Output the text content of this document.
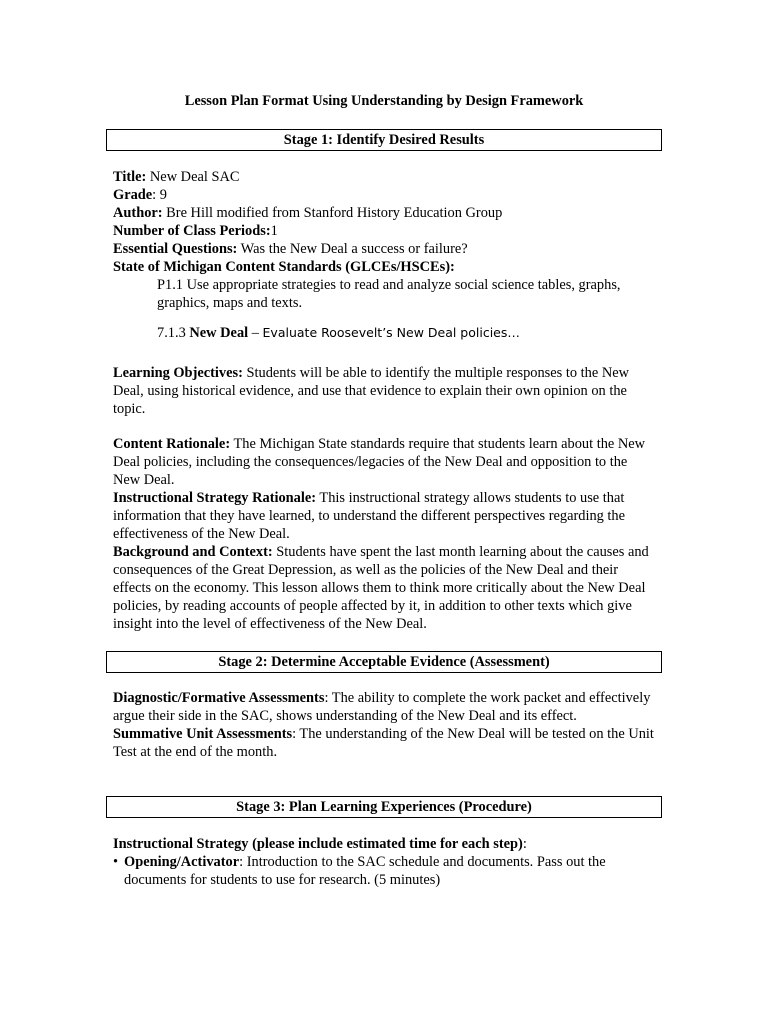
Lesson Plan Format Using Understanding by Design Framework
Stage 1: Identify Desired Results

Title: New Deal SAC

Grade: 9

Author: Bre Hill modified from Stanford History Education Group

Number of Class Periods:1

Essential Questions: Was the New Deal a success or failure?

State of Michigan Content Standards (GLCEs/HSCEs):

P1.1 Use appropriate strategies to read and analyze social science tables, graphs, graphics, maps and texts.

7.1.3 New Deal – Evaluate Roosevelt’s New Deal policies…

Learning Objectives: Students will be able to identify the multiple responses to the New Deal, using historical evidence, and use that evidence to explain their own opinion on the topic.

Content Rationale: The Michigan State standards require that students learn about the New Deal policies, including the consequences/legacies of the New Deal and opposition to the New Deal.

Instructional Strategy Rationale: This instructional strategy allows students to use that information that they have learned, to understand the different perspectives regarding the effectiveness of the New Deal.

Background and Context: Students have spent the last month learning about the causes and consequences of the Great Depression, as well as the policies of the New Deal and their effects on the economy. This lesson allows them to think more critically about the New Deal policies, by reading accounts of people affected by it, in addition to other texts which give insight into the level of effectiveness of the New Deal.

Stage 2: Determine Acceptable Evidence (Assessment)

Diagnostic/Formative Assessments: The ability to complete the work packet and effectively argue their side in the SAC, shows understanding of the New Deal and its effect.

Summative Unit Assessments: The understanding of the New Deal will be tested on the Unit Test at the end of the month.

Stage 3: Plan Learning Experiences (Procedure)

Instructional Strategy (please include estimated time for each step):

• Opening/Activator: Introduction to the SAC schedule and documents. Pass out the documents for students to use for research. (5 minutes)
